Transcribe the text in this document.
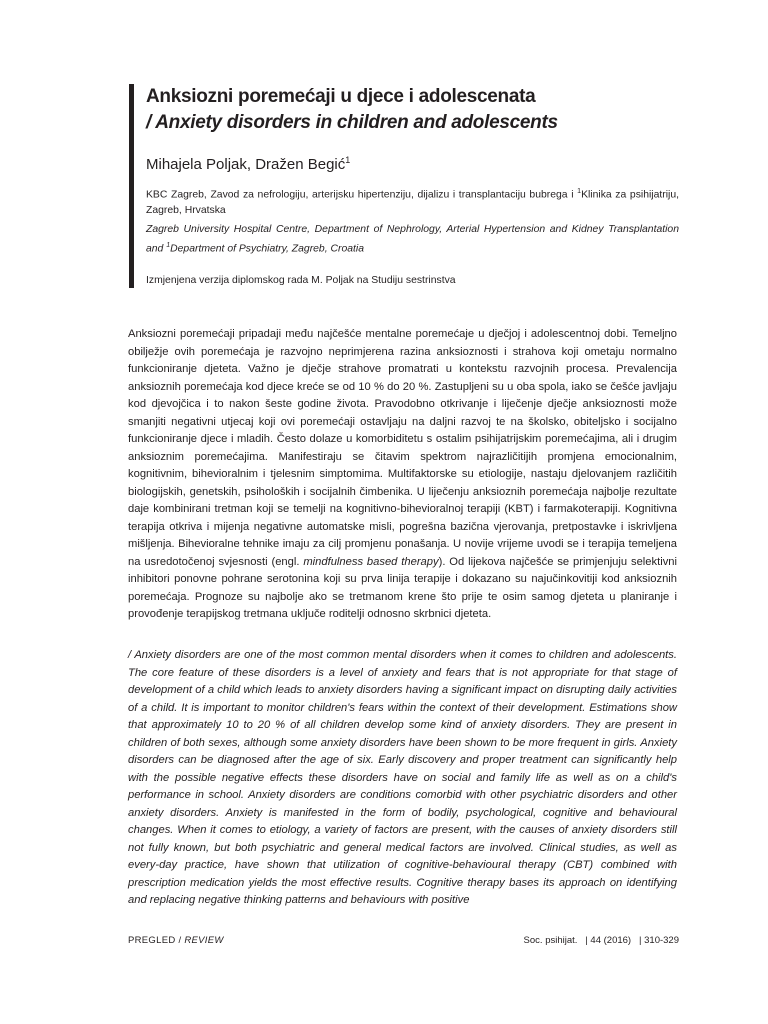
Anksiozni poremećaji u djece i adolescenata
/ Anxiety disorders in children and adolescents
Mihajela Poljak, Dražen Begić$^1$
KBC Zagreb, Zavod za nefrologiju, arterijsku hipertenziju, dijalizu i transplantaciju bubrega i $^1$Klinika za psihijatriju, Zagreb, Hrvatska
Zagreb University Hospital Centre, Department of Nephrology, Arterial Hypertension and Kidney Transplantation and $^1$Department of Psychiatry, Zagreb, Croatia
Izmjenjena verzija diplomskog rada M. Poljak na Studiju sestrinstva

Anksiozni poremećaji pripadaji među najčešće mentalne poremećaje u dječjoj i adolescentnoj dobi. Temeljno obilježje ovih poremećaja je razvojno neprimjerena razina anksioznosti i strahova koji ometaju normalno funkcioniranje djeteta. Važno je dječje strahove promatrati u kontekstu razvojnih procesa. Prevalencija anksioznih poremećaja kod djece kreće se od 10 % do 20 %. Zastupljeni su u oba spola, iako se češće javljaju kod djevojčica i to nakon šeste godine života. Pravodobno otkrivanje i liječenje dječje anksioznosti može smanjiti negativni utjecaj koji ovi poremećaji ostavljaju na daljni razvoj te na školsko, obiteljsko i socijalno funkcioniranje djece i mladih. Često dolaze u komorbiditetu s ostalim psihijatrijskim poremećajima, ali i drugim anksioznim poremećajima. Manifestiraju se čitavim spektrom najrazličitijih promjena emocionalnim, kognitivnim, bihevioralnim i tjelesnim simptomima. Multifaktorske su etiologije, nastaju djelovanjem različitih biologijskih, genetskih, psiholoških i socijalnih čimbenika. U liječenju anksioznih poremećaja najbolje rezultate daje kombinirani tretman koji se temelji na kognitivno-bihevioralnoj terapiji (KBT) i farmakoterapiji. Kognitivna terapija otkriva i mijenja negativne automatske misli, pogrešna bazična vjerovanja, pretpostavke i iskrivljena mišljenja. Bihevioralne tehnike imaju za cilj promjenu ponašanja. U novije vrijeme uvodi se i terapija temeljena na usredotočenoj svjesnosti (engl. mindfulness based therapy). Od lijekova najčešće se primjenjuju selektivni inhibitori ponovne pohrane serotonina koji su prva linija terapije i dokazano su najučinkovitiji kod anksioznih poremećaja. Prognoze su najbolje ako se tretmanom krene što prije te osim samog djeteta u planiranje i provođenje terapijskog tretmana uključe roditelji odnosno skrbnici djeteta.

/ Anxiety disorders are one of the most common mental disorders when it comes to children and adolescents. The core feature of these disorders is a level of anxiety and fears that is not appropriate for that stage of development of a child which leads to anxiety disorders having a significant impact on disrupting daily activities of a child. It is important to monitor children's fears within the context of their development. Estimations show that approximately 10 to 20 % of all children develop some kind of anxiety disorders. They are present in children of both sexes, although some anxiety disorders have been shown to be more frequent in girls. Anxiety disorders can be diagnosed after the age of six. Early discovery and proper treatment can significantly help with the possible negative effects these disorders have on social and family life as well as on a child's performance in school. Anxiety disorders are conditions comorbid with other psychiatric disorders and other anxiety disorders. Anxiety is manifested in the form of bodily, psychological, cognitive and behavioural changes. When it comes to etiology, a variety of factors are present, with the causes of anxiety disorders still not fully known, but both psychiatric and general medical factors are involved. Clinical studies, as well as every-day practice, have shown that utilization of cognitive-behavioural therapy (CBT) combined with prescription medication yields the most effective results. Cognitive therapy bases its approach on identifying and replacing negative thinking patterns and behaviours with positive

PREGLED / REVIEW	Soc. psihijat.   | 44 (2016)   | 310-329
